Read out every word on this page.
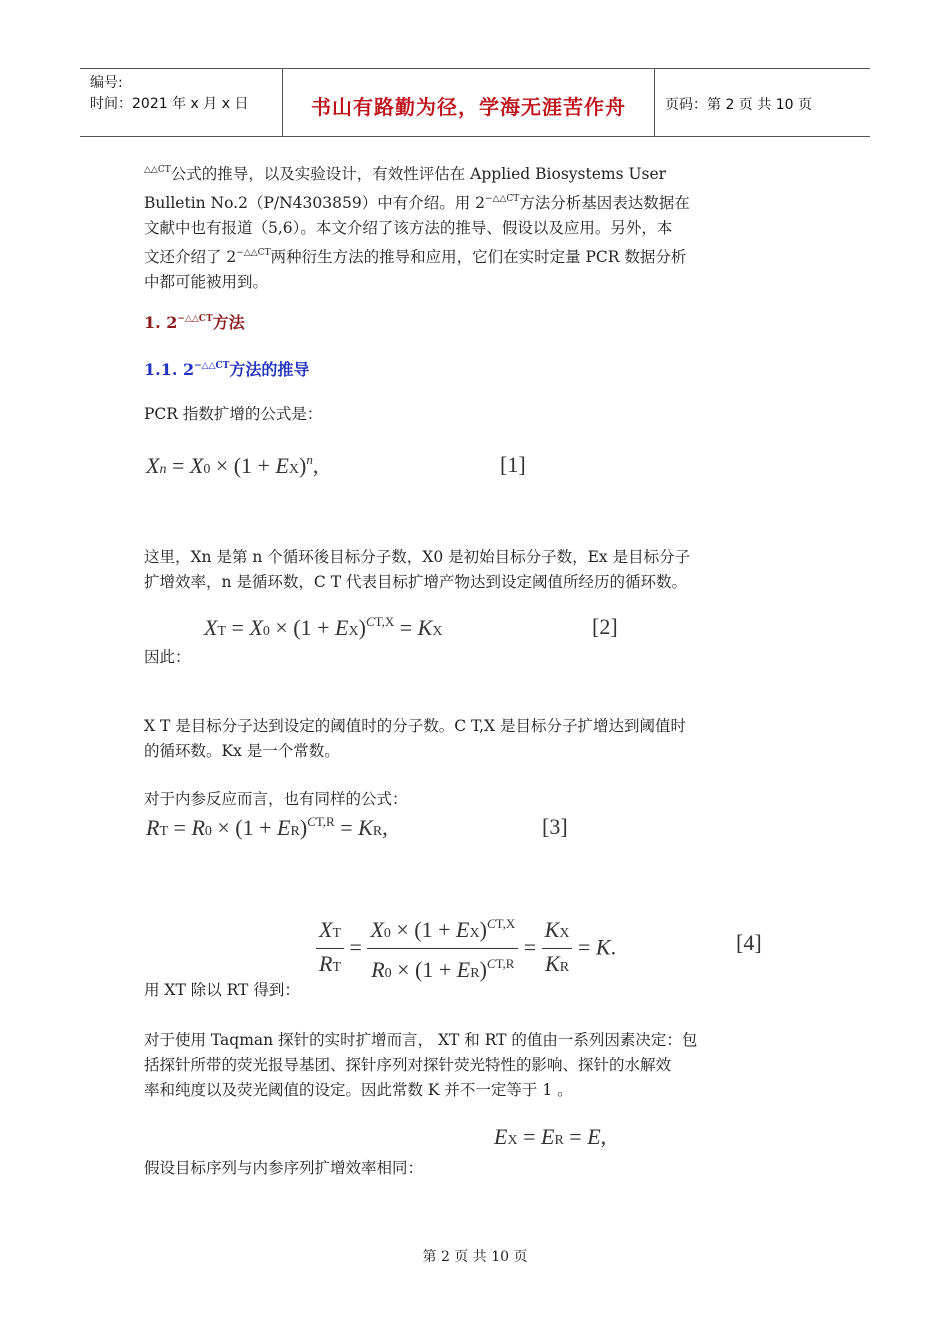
编号:
时间：2021 年 x 月 x 日	书山有路勤为径，学海无涯苦作舟	页码：第 2 页 共 10 页
$^{\triangle\triangle CT}$公式的推导，以及实验设计，有效性评估在 Applied Biosystems User
Bulletin No.2（P/N4303859）中有介绍。用 $2^{-\triangle\triangle CT}$方法分析基因表达数据在
文献中也有报道（5,6）。本文介绍了该方法的推导、假设以及应用。另外，本
文还介绍了 $2^{-\triangle\triangle CT}$两种衍生方法的推导和应用，它们在实时定量 PCR 数据分析
中都可能被用到。
1. $2^{-\triangle\triangle CT}$方法
1.1. $2^{-\triangle\triangle CT}$方法的推导
PCR 指数扩增的公式是：
Xn = X0 × (1 + EX)$^n$,	[1]
这里，Xn 是第 n 个循环後目标分子数，X0 是初始目标分子数，Ex 是目标分子
扩增效率，n 是循环数，C T 代表目标扩增产物达到设定阈值所经历的循环数。
XT = X0 × (1 + EX)$^{CT,X}$ = KX	[2]
因此：
X T 是目标分子达到设定的阈值时的分子数。C T,X 是目标分子扩增达到阈值时
的循环数。Kx 是一个常数。
对于内参反应而言，也有同样的公式：
RT = R0 × (1 + ER)$^{CT,R}$ = KR,	[3]
$\frac{XT}{RT} = \frac{X0 \times (1 + EX)^{CT,X}}{R0 \times (1 + ER)^{CT,R}} = \frac{KX}{KR} = K$.	[4]
用 XT 除以 RT 得到：
对于使用 Taqman 探针的实时扩增而言， XT 和 RT 的值由一系列因素决定：包
括探针所带的荧光报导基团、探针序列对探针荧光特性的影响、探针的水解效
率和纯度以及荧光阈值的设定。因此常数 K 并不一定等于 1 。
EX = ER = E,
假设目标序列与内参序列扩增效率相同：
第 2 页 共 10 页
